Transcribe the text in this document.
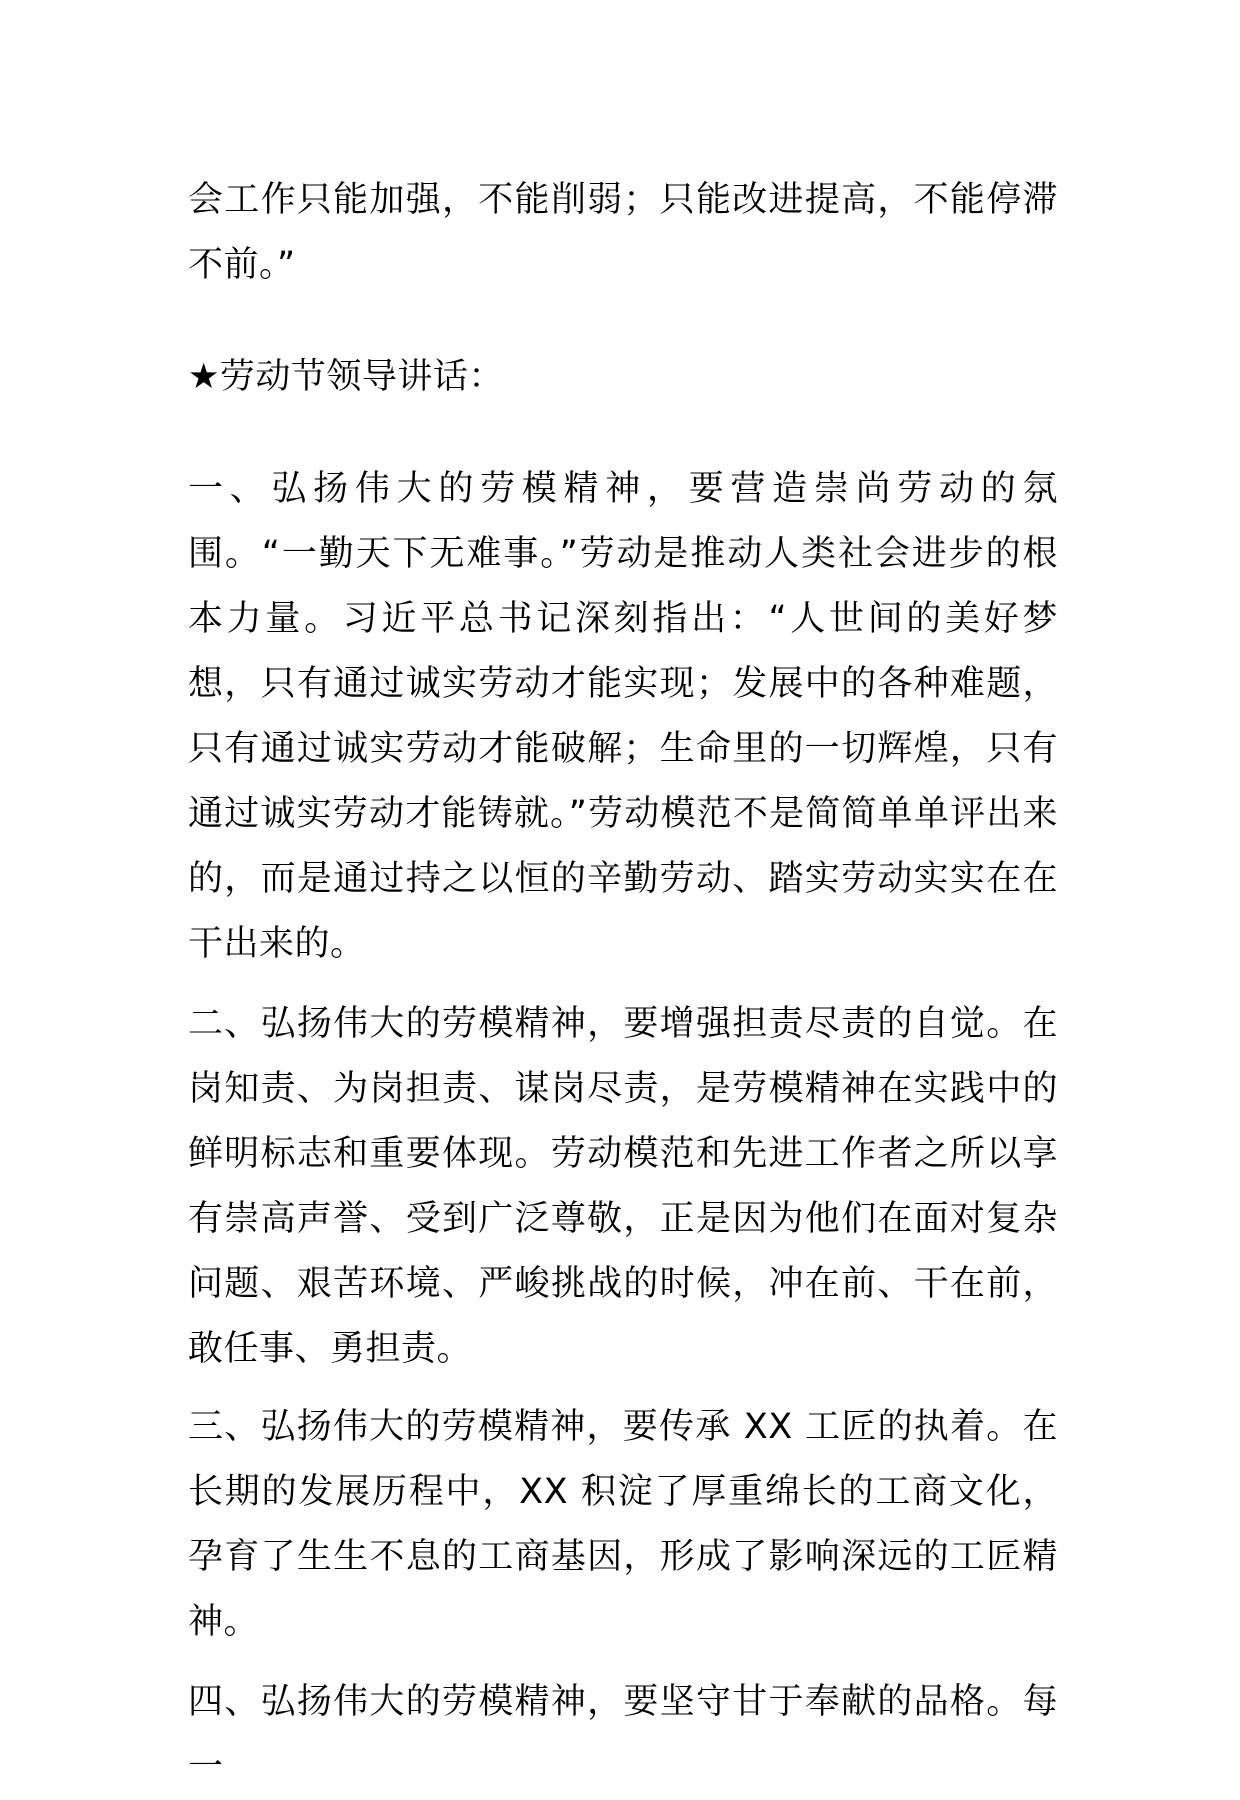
会工作只能加强，不能削弱；只能改进提高，不能停滞不前。”

★劳动节领导讲话：

一、弘扬伟大的劳模精神，要营造崇尚劳动的氛围。“一勤天下无难事。”劳动是推动人类社会进步的根本力量。习近平总书记深刻指出：“人世间的美好梦想，只有通过诚实劳动才能实现；发展中的各种难题，只有通过诚实劳动才能破解；生命里的一切辉煌，只有通过诚实劳动才能铸就。”劳动模范不是简简单单评出来的，而是通过持之以恒的辛勤劳动、踏实劳动实实在在干出来的。

二、弘扬伟大的劳模精神，要增强担责尽责的自觉。在岗知责、为岗担责、谋岗尽责，是劳模精神在实践中的鲜明标志和重要体现。劳动模范和先进工作者之所以享有崇高声誉、受到广泛尊敬，正是因为他们在面对复杂问题、艰苦环境、严峻挑战的时候，冲在前、干在前，敢任事、勇担责。

三、弘扬伟大的劳模精神，要传承 XX 工匠的执着。在长期的发展历程中，XX 积淀了厚重绵长的工商文化，孕育了生生不息的工商基因，形成了影响深远的工匠精神。

四、弘扬伟大的劳模精神，要坚守甘于奉献的品格。每一
